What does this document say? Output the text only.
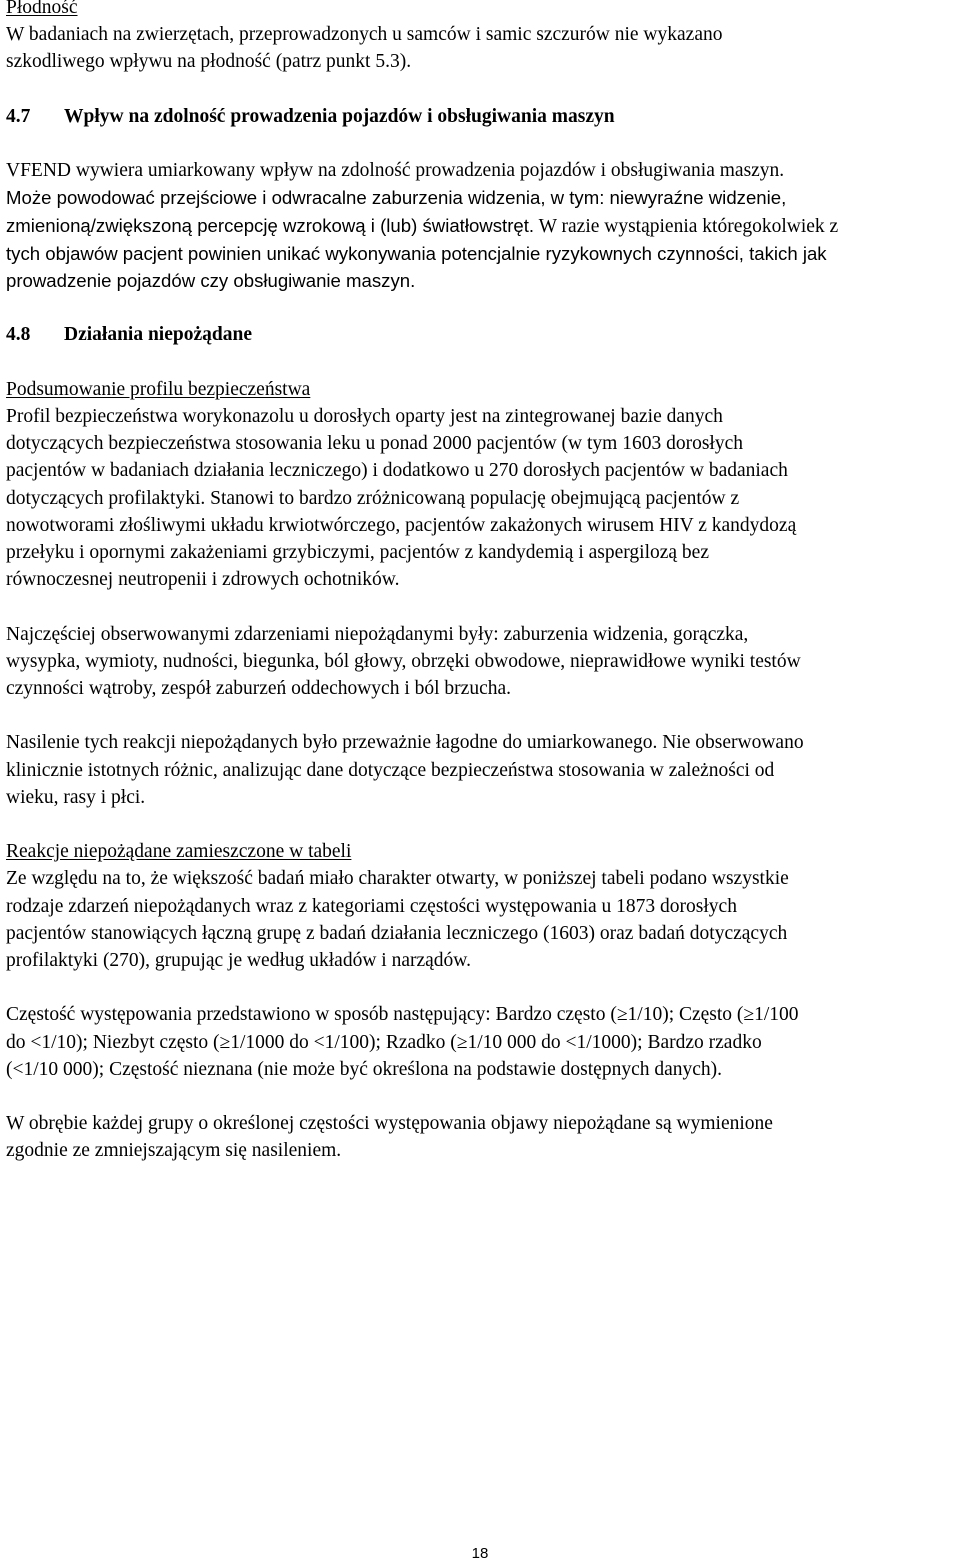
Płodność
W badaniach na zwierzętach, przeprowadzonych u samców i samic szczurów nie wykazano
szkodliwego wpływu na płodność (patrz punkt 5.3).
4.7 Wpływ na zdolność prowadzenia pojazdów i obsługiwania maszyn
VFEND wywiera umiarkowany wpływ na zdolność prowadzenia pojazdów i obsługiwania maszyn.
Może powodować przejściowe i odwracalne zaburzenia widzenia, w tym: niewyraźne widzenie,
zmienioną/zwiększoną percepcję wzrokową i (lub) światłowstręt. W razie wystąpienia któregokolwiek z
tych objawów pacjent powinien unikać wykonywania potencjalnie ryzykownych czynności, takich jak
prowadzenie pojazdów czy obsługiwanie maszyn.
4.8 Działania niepożądane
Podsumowanie profilu bezpieczeństwa
Profil bezpieczeństwa worykonazolu u dorosłych oparty jest na zintegrowanej bazie danych
dotyczących bezpieczeństwa stosowania leku u ponad 2000 pacjentów (w tym 1603 dorosłych
pacjentów w badaniach działania leczniczego) i dodatkowo u 270 dorosłych pacjentów w badaniach
dotyczących profilaktyki. Stanowi to bardzo zróżnicowaną populację obejmującą pacjentów z
nowotworami złośliwymi układu krwiotwórczego, pacjentów zakażonych wirusem HIV z kandydozą
przełyku i opornymi zakażeniami grzybiczymi, pacjentów z kandydemią i aspergilozą bez
równoczesnej neutropenii i zdrowych ochotników.
Najczęściej obserwowanymi zdarzeniami niepożądanymi były: zaburzenia widzenia, gorączka,
wysypka, wymioty, nudności, biegunka, ból głowy, obrzęki obwodowe, nieprawidłowe wyniki testów
czynności wątroby, zespół zaburzeń oddechowych i ból brzucha.
Nasilenie tych reakcji niepożądanych było przeważnie łagodne do umiarkowanego. Nie obserwowano
klinicznie istotnych różnic, analizując dane dotyczące bezpieczeństwa stosowania w zależności od
wieku, rasy i płci.
Reakcje niepożądane zamieszczone w tabeli
Ze względu na to, że większość badań miało charakter otwarty, w poniższej tabeli podano wszystkie
rodzaje zdarzeń niepożądanych wraz z kategoriami częstości występowania u 1873 dorosłych
pacjentów stanowiących łączną grupę z badań działania leczniczego (1603) oraz badań dotyczących
profilaktyki (270), grupując je według układów i narządów.
Częstość występowania przedstawiono w sposób następujący: Bardzo często (≥1/10); Często (≥1/100
do <1/10); Niezbyt często (≥1/1000 do <1/100); Rzadko (≥1/10 000 do <1/1000); Bardzo rzadko
(<1/10 000); Częstość nieznana (nie może być określona na podstawie dostępnych danych).
W obrębie każdej grupy o określonej częstości występowania objawy niepożądane są wymienione
zgodnie ze zmniejszającym się nasileniem.
18
